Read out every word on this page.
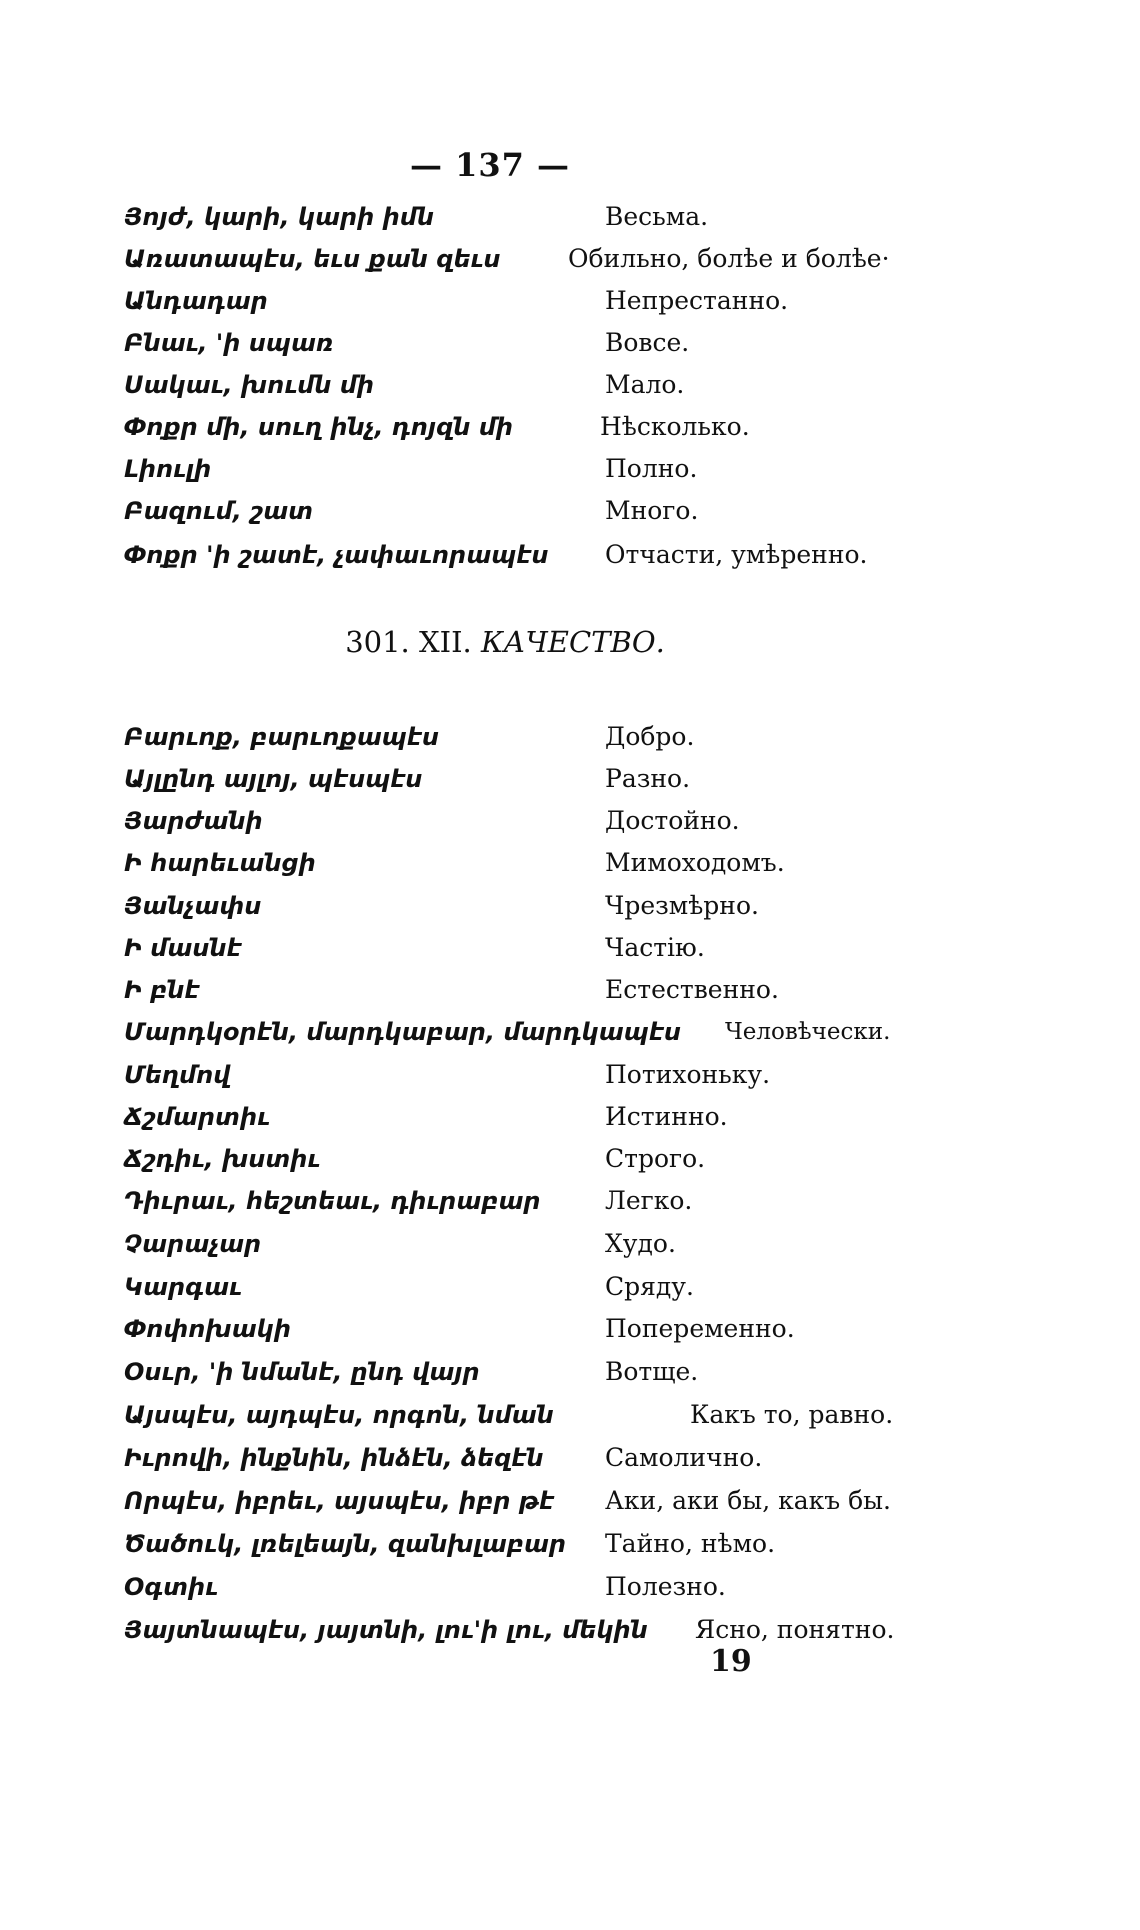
— 137 —
Յոյժ, կարի, կարի իմն	Весьма.
Առատապէս, եւս քան զեւս	Обильно, болѣе и болѣе·
Անդադար	Непрестанно.
Բնաւ, 'ի սպառ	Вовсе.
Սակաւ, խումն մի	Мало.
Փոքր մի, սուղ ինչ, դոյզն մի	Нѣсколько.
Լիուլի	Полно.
Բազում, շատ	Много.
Փոքր 'ի շատէ, չափաւորապէս Отчасти, умѣренно.
301. XII. КАЧЕСТВО.
Բարւոք, բարւոքապէս	Добро.
Այլընդ այլոյ, պէսպէս	Разно.
Յարժանի	Достойно.
Ի հարեւանցի	Мимоходомъ.
Յանչափս	Чрезмѣрно.
Ի մասնէ	Частію.
Ի բնէ	Естественно.
Մարդկօրէն, մարդկաբար, մարդկապէս Человѣчески.
Մեղմով	Потихоньку.
Ճշմարտիւ	Истинно.
Ճշդիւ, խստիւ	Строго.
Դիւրաւ, հեշտեաւ, դիւրաբար	Легко.
Չարաչար	Худо.
Կարգաւ	Сряду.
Փոփոխակի	Попеременно.
Օսւր, 'ի նմանէ, ընդ վայր	Вотще.
Այսպէս, այդպէս, որգոն, նման	Какъ то, равно.
Իւրովի, ինքնին, ինձէն, ձեզէն Самолично.
Որպէս, իբրեւ, այսպէս, իբր թէ Аки, аки бы, какъ бы.
Ծածուկ, լռելեայն, զանխլաբար Тайно, нѣмо.
Օգտիւ	Полезно.
Յայտնապէս, յայտնի, լու'ի լու, մեկին Ясно, понятно.
19
